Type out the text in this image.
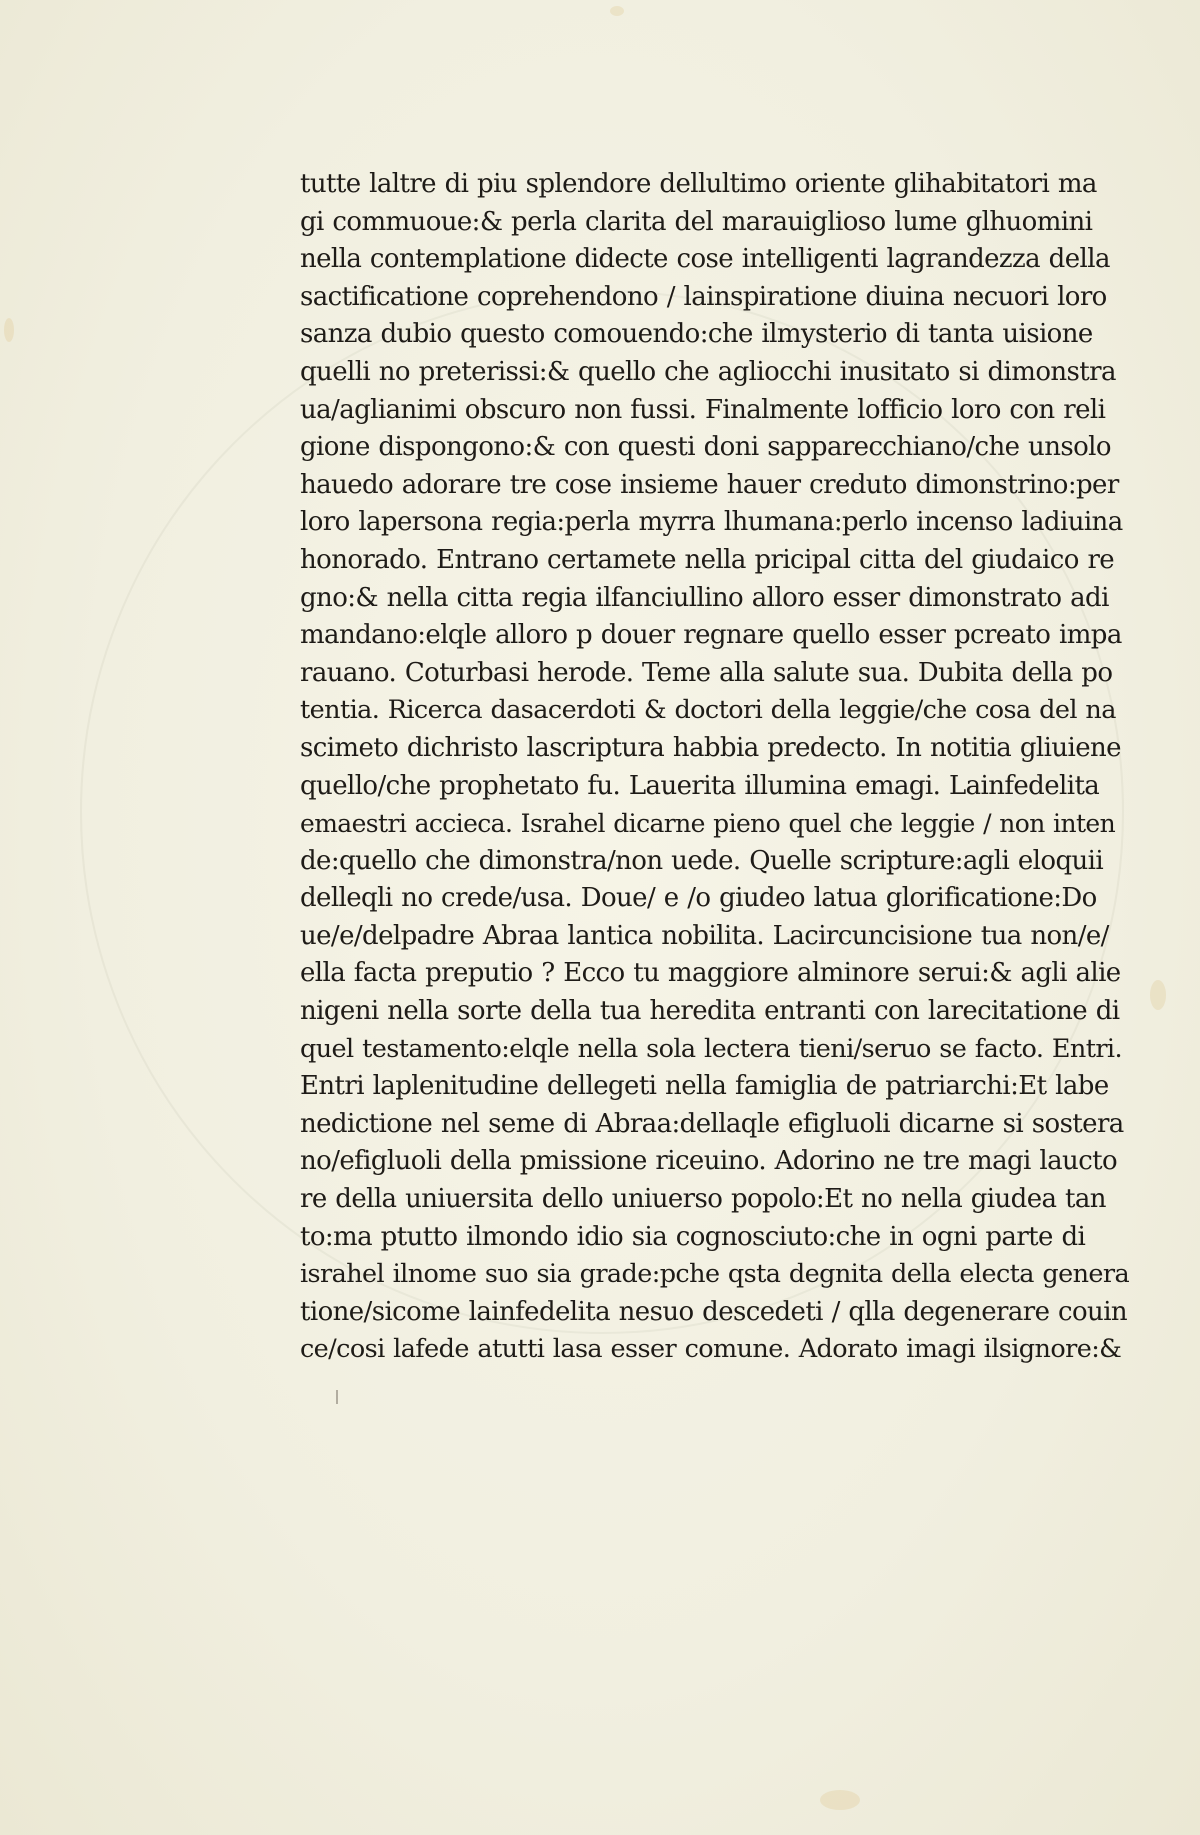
tutte laltre di piu splendore dellultimo oriente glihabitatori ma
gi commuoue:& perla clarita del marauiglioso lume glhuomini
nella contemplatione didecte cose intelligenti lagrandezza della
sactificatione coprehendono / lainspiratione diuina necuori loro
sanza dubio questo comouendo:che ilmysterio di tanta uisione
quelli no preterissi:& quello che agliocchi inusitato si dimonstra
ua/aglianimi obscuro non fussi. Finalmente lofficio loro con reli
gione dispongono:& con questi doni sapparecchiano/che unsolo
hauedo adorare tre cose insieme hauer creduto dimonstrino:per
loro lapersona regia:perla myrra lhumana:perlo incenso ladiuina
honorado. Entrano certamete nella pricipal citta del giudaico re
gno:& nella citta regia ilfanciullino alloro esser dimonstrato adi
mandano:elqle alloro p douer regnare quello esser pcreato impa
rauano. Coturbasi herode. Teme alla salute sua. Dubita della po
tentia. Ricerca dasacerdoti & doctori della leggie/che cosa del na
scimeto dichristo lascriptura habbia predecto. In notitia gliuiene
quello/che prophetato fu. Lauerita illumina emagi. Lainfedelita
emaestri accieca. Israhel dicarne pieno quel che leggie / non inten
de:quello che dimonstra/non uede. Quelle scripture:agli eloquii
delleqli no crede/usa. Doue/ e /o giudeo latua glorificatione:Do
ue/e/delpadre Abraa lantica nobilita. Lacircuncisione tua non/e/
ella facta preputio ? Ecco tu maggiore alminore serui:& agli alie
nigeni nella sorte della tua heredita entranti con larecitatione di
quel testamento:elqle nella sola lectera tieni/seruo se facto. Entri.
Entri laplenitudine dellegeti nella famiglia de patriarchi:Et labe
nedictione nel seme di Abraa:dellaqle efigluoli dicarne si sostera
no/efigluoli della pmissione riceuino. Adorino ne tre magi laucto
re della uniuersita dello uniuerso popolo:Et no nella giudea tan
to:ma ptutto ilmondo idio sia cognosciuto:che in ogni parte di
israhel ilnome suo sia grade:pche qsta degnita della electa genera
tione/sicome lainfedelita nesuo descedeti / qlla degenerare couin
ce/cosi lafede atutti lasa esser comune. Adorato imagi ilsignore:&
